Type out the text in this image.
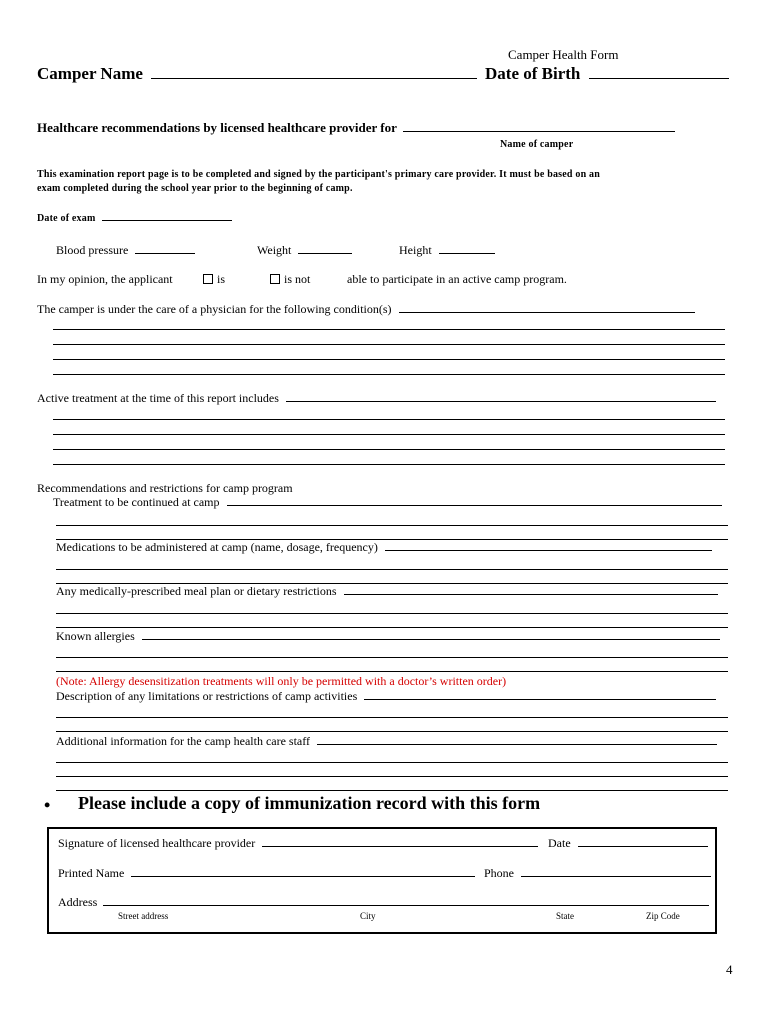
Camper Health Form
Camper Name	Date of Birth
Healthcare recommendations by licensed healthcare provider for
Name of camper
This examination report page is to be completed and signed by the participant's primary care provider. It must be based on an
exam completed during the school year prior to the beginning of camp.
Date of exam
Blood pressure	Weight	Height
In my opinion, the applicant	is	is not	able to participate in an active camp program.
The camper is under the care of a physician for the following condition(s)
Active treatment at the time of this report includes
Recommendations and restrictions for camp program
Treatment to be continued at camp
Medications to be administered at camp (name, dosage, frequency)
Any medically-prescribed meal plan or dietary restrictions
Known allergies
(Note: Allergy desensitization treatments will only be permitted with a doctor’s written order)
Description of any limitations or restrictions of camp activities
Additional information for the camp health care staff
• Please include a copy of immunization record with this form
Signature of licensed healthcare provider	Date
Printed Name	Phone
Address
Street address	City	State	Zip Code
4
